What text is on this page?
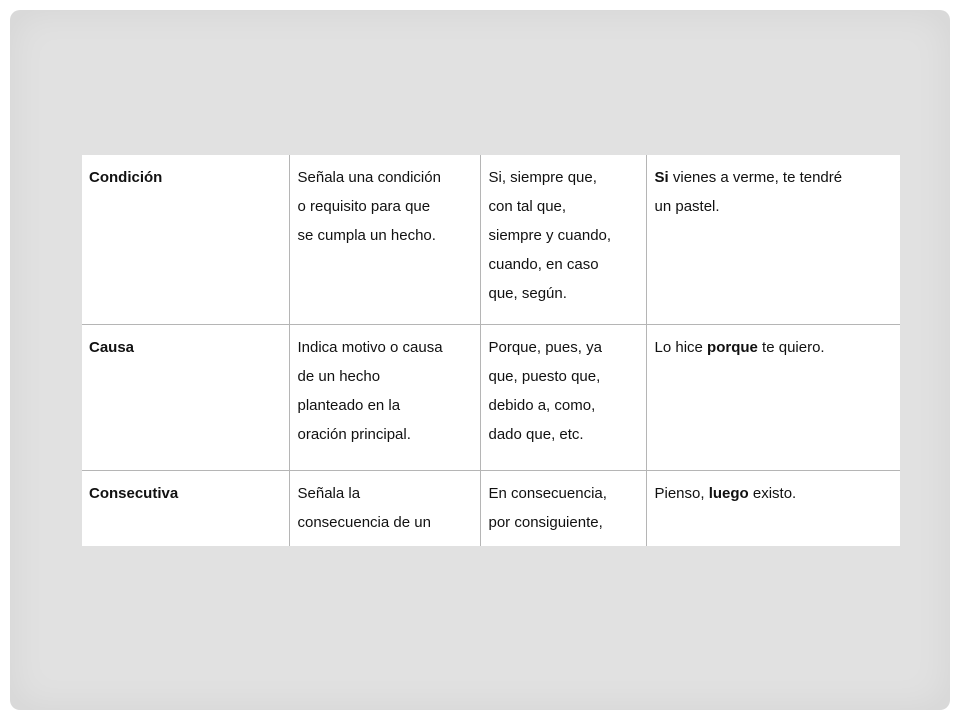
Condición	Señala una condición
o requisito para que
se cumpla un hecho.	Si, siempre que,
con tal que,
siempre y cuando,
cuando, en caso
que, según.	Si vienes a verme, te tendré
un pastel.

Causa	Indica motivo o causa
de un hecho
planteado en la
oración principal.	Porque, pues, ya
que, puesto que,
debido a, como,
dado que, etc.	Lo hice porque te quiero.

Consecutiva	Señala la
consecuencia de un	En consecuencia,
por consiguiente,	Pienso, luego existo.
